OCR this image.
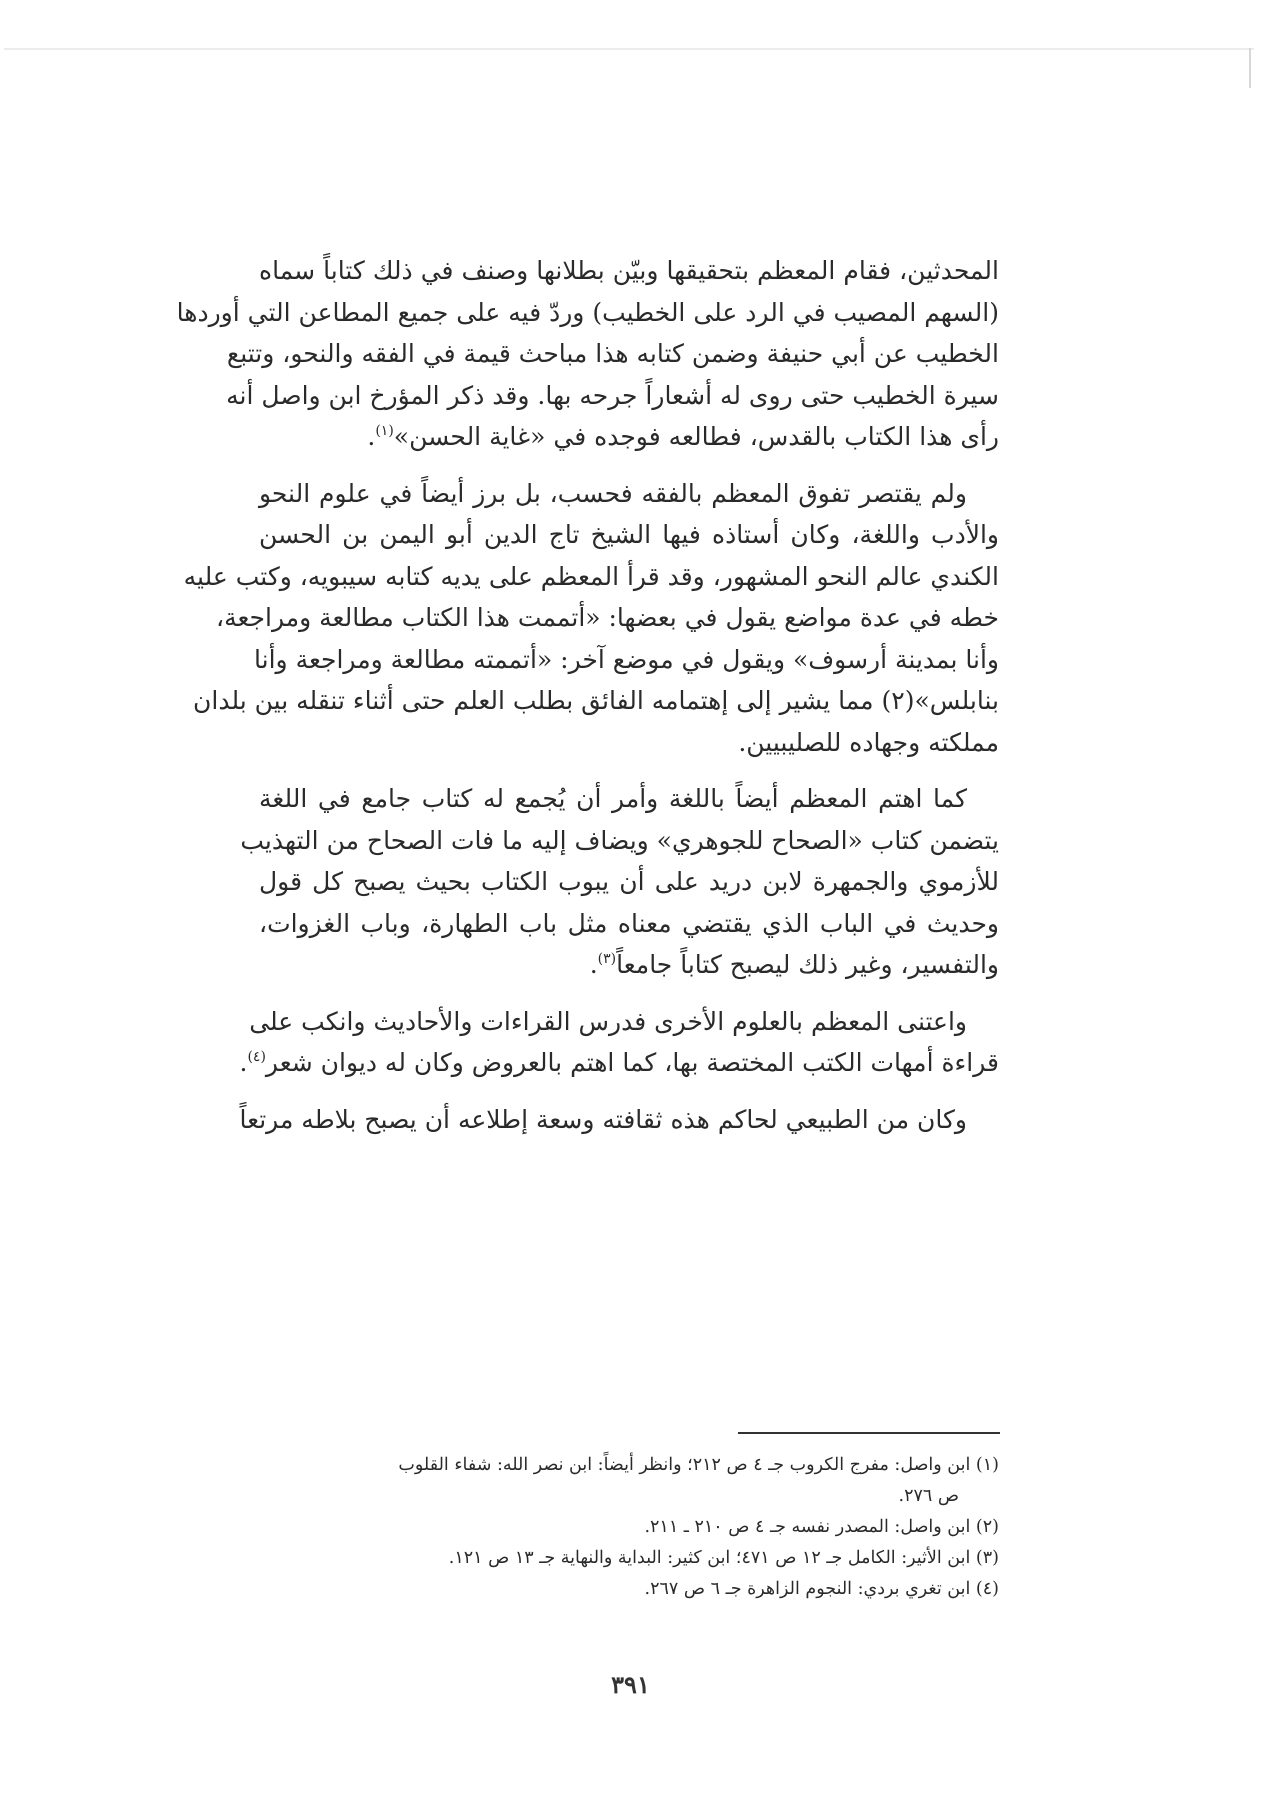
المحدثين، فقام المعظم بتحقيقها وبيّن بطلانها وصنف في ذلك كتاباً سماه
(السهم المصيب في الرد على الخطيب) وردّ فيه على جميع المطاعن التي أوردها
الخطيب عن أبي حنيفة وضمن كتابه هذا مباحث قيمة في الفقه والنحو، وتتبع
سيرة الخطيب حتى روى له أشعاراً جرحه بها. وقد ذكر المؤرخ ابن واصل أنه
رأى هذا الكتاب بالقدس، فطالعه فوجده في «غاية الحسن»$^{(١)}$.

ولم يقتصر تفوق المعظم بالفقه فحسب، بل برز أيضاً في علوم النحو
والأدب واللغة، وكان أستاذه فيها الشيخ تاج الدين أبو اليمن بن الحسن
الكندي عالم النحو المشهور، وقد قرأ المعظم على يديه كتابه سيبويه، وكتب عليه
خطه في عدة مواضع يقول في بعضها: «أتممت هذا الكتاب مطالعة ومراجعة،
وأنا بمدينة أرسوف» ويقول في موضع آخر: «أتممته مطالعة ومراجعة وأنا
بنابلس»(٢) مما يشير إلى إهتمامه الفائق بطلب العلم حتى أثناء تنقله بين بلدان
مملكته وجهاده للصليبيين.

كما اهتم المعظم أيضاً باللغة وأمر أن يُجمع له كتاب جامع في اللغة
يتضمن كتاب «الصحاح للجوهري» ويضاف إليه ما فات الصحاح من التهذيب
للأزموي والجمهرة لابن دريد على أن يبوب الكتاب بحيث يصبح كل قول
وحديث في الباب الذي يقتضي معناه مثل باب الطهارة، وباب الغزوات،
والتفسير، وغير ذلك ليصبح كتاباً جامعاً$^{(٣)}$.

واعتنى المعظم بالعلوم الأخرى فدرس القراءات والأحاديث وانكب على
قراءة أمهات الكتب المختصة بها، كما اهتم بالعروض وكان له ديوان شعر$^{(٤)}$.

وكان من الطبيعي لحاكم هذه ثقافته وسعة إطلاعه أن يصبح بلاطه مرتعاً

(١) ابن واصل: مفرج الكروب جـ ٤ ص ٢١٢؛ وانظر أيضاً: ابن نصر الله: شفاء القلوب
ص ٢٧٦.
(٢) ابن واصل: المصدر نفسه جـ ٤ ص ٢١٠ ـ ٢١١.
(٣) ابن الأثير: الكامل جـ ١٢ ص ٤٧١؛ ابن كثير: البداية والنهاية جـ ١٣ ص ١٢١.
(٤) ابن تغري بردي: النجوم الزاهرة جـ ٦ ص ٢٦٧.
٣٩١
